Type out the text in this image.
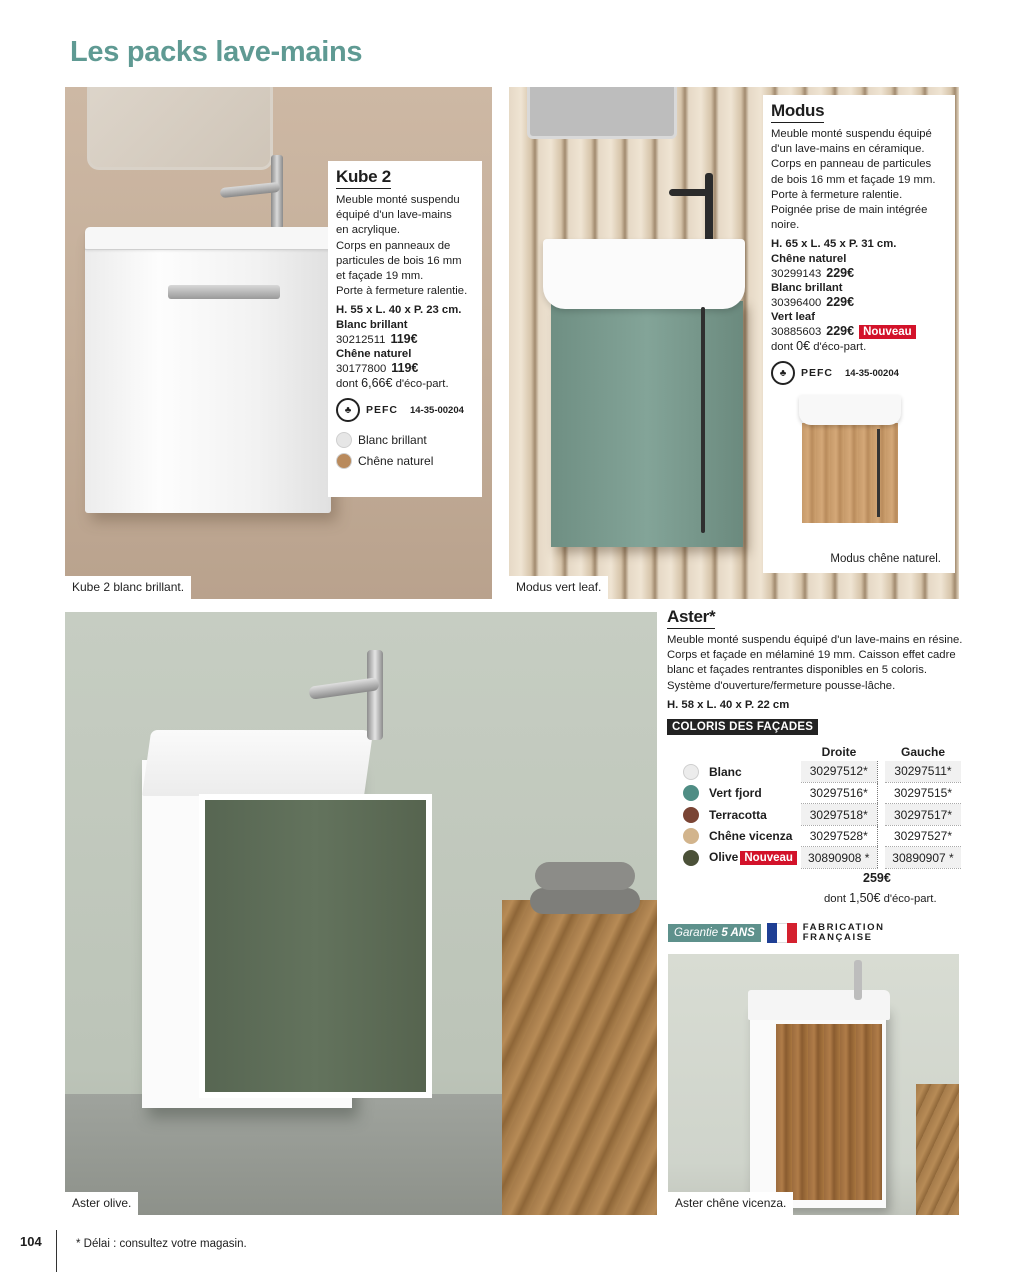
Les packs lave-mains
Kube 2
Meuble monté suspendu
équipé d'un lave-mains
en acrylique.
Corps en panneaux de
particules de bois 16 mm
et façade 19 mm.
Porte à fermeture ralentie.
H. 55 x L. 40 x P. 23 cm.
Blanc brillant
30212511 119€
Chêne naturel
30177800 119€
dont 6,66€ d'éco-part.
♣	PEFC 14-35-00204
Blanc brillant
Chêne naturel
Kube 2 blanc brillant.
Modus
Meuble monté suspendu équipé
d'un lave-mains en céramique.
Corps en panneau de particules
de bois 16 mm et façade 19 mm.
Porte à fermeture ralentie.
Poignée prise de main intégrée noire.
H. 65 x L. 45 x P. 31 cm.
Chêne naturel
30299143 229€
Blanc brillant
30396400 229€
Vert leaf
30885603 229€ Nouveau
dont 0€ d'éco-part.
♣	PEFC 14-35-00204
Modus chêne naturel.
Modus vert leaf.
Aster olive.
Aster*
Meuble monté suspendu équipé d'un lave-mains en résine.
Corps et façade en mélaminé 19 mm. Caisson effet cadre
blanc et façades rentrantes disponibles en 5 coloris.
Système d'ouverture/fermeture pousse-lâche.
H. 58 x L. 40 x P. 22 cm
COLORIS DES FAÇADES
		Droite		Gauche

	Blanc	30297512*		30297511*

	Vert fjord	30297516*		30297515*

	Terracotta	30297518*		30297517*

	Chêne vicenza	30297528*		30297527*

	Olive Nouveau	30890908 *		30890907 *
259€
dont 1,50€ d'éco-part.
Garantie 5 ANS	FABRICATION
FRANÇAISE
Aster chêne vicenza.
104	* Délai : consultez votre magasin.
